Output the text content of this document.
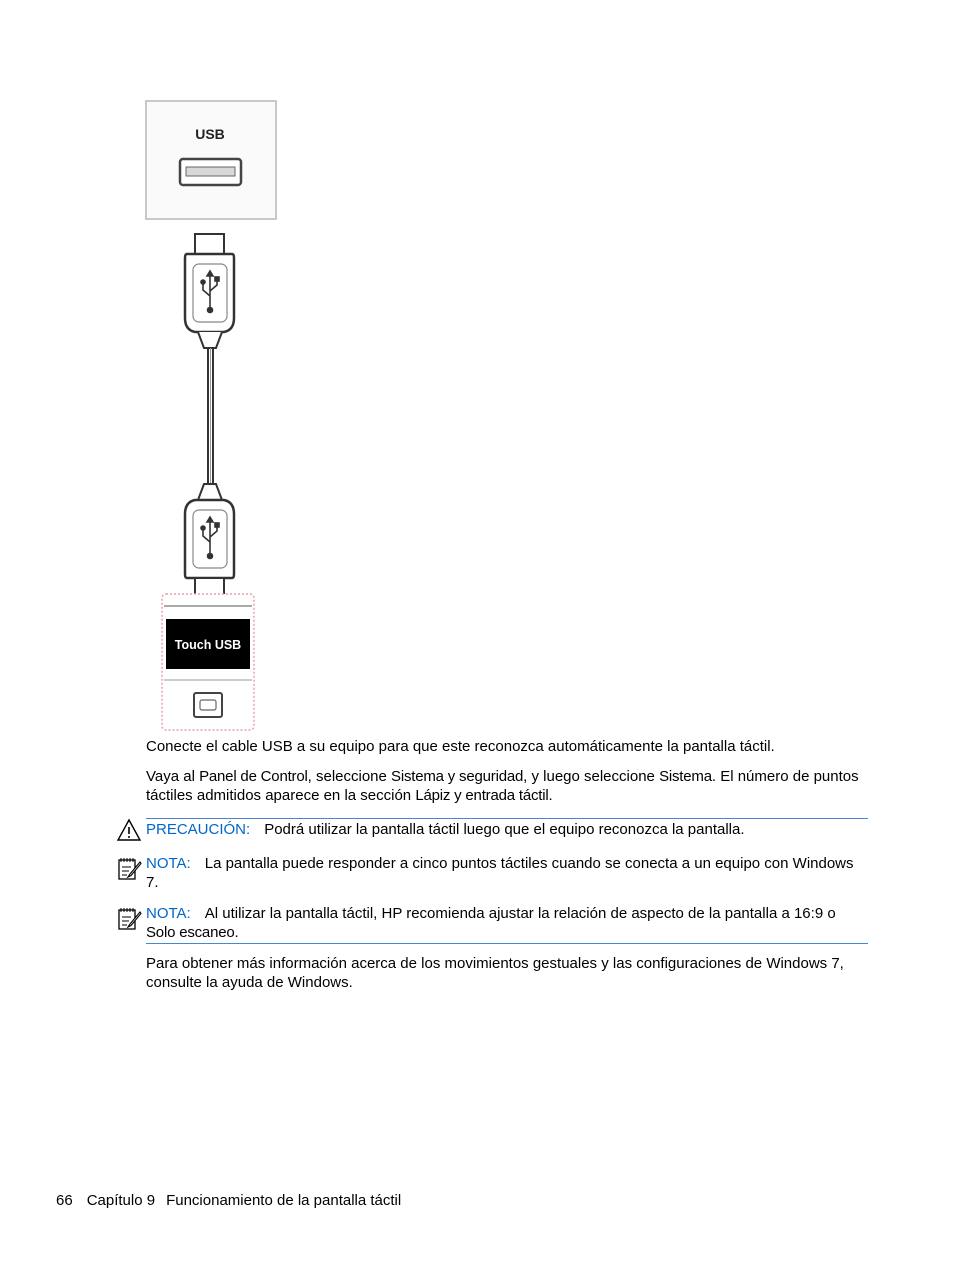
USB
Touch USB

Conecte el cable USB a su equipo para que este reconozca automáticamente la pantalla táctil.

Vaya al Panel de Control, seleccione Sistema y seguridad, y luego seleccione Sistema. El número de puntos táctiles admitidos aparece en la sección Lápiz y entrada táctil.

PRECAUCIÓN: Podrá utilizar la pantalla táctil luego que el equipo reconozca la pantalla.

NOTA: La pantalla puede responder a cinco puntos táctiles cuando se conecta a un equipo con Windows 7.

NOTA: Al utilizar la pantalla táctil, HP recomienda ajustar la relación de aspecto de la pantalla a 16:9 o Solo escaneo.

Para obtener más información acerca de los movimientos gestuales y las configuraciones de Windows 7, consulte la ayuda de Windows.

66 Capítulo 9 Funcionamiento de la pantalla táctil
